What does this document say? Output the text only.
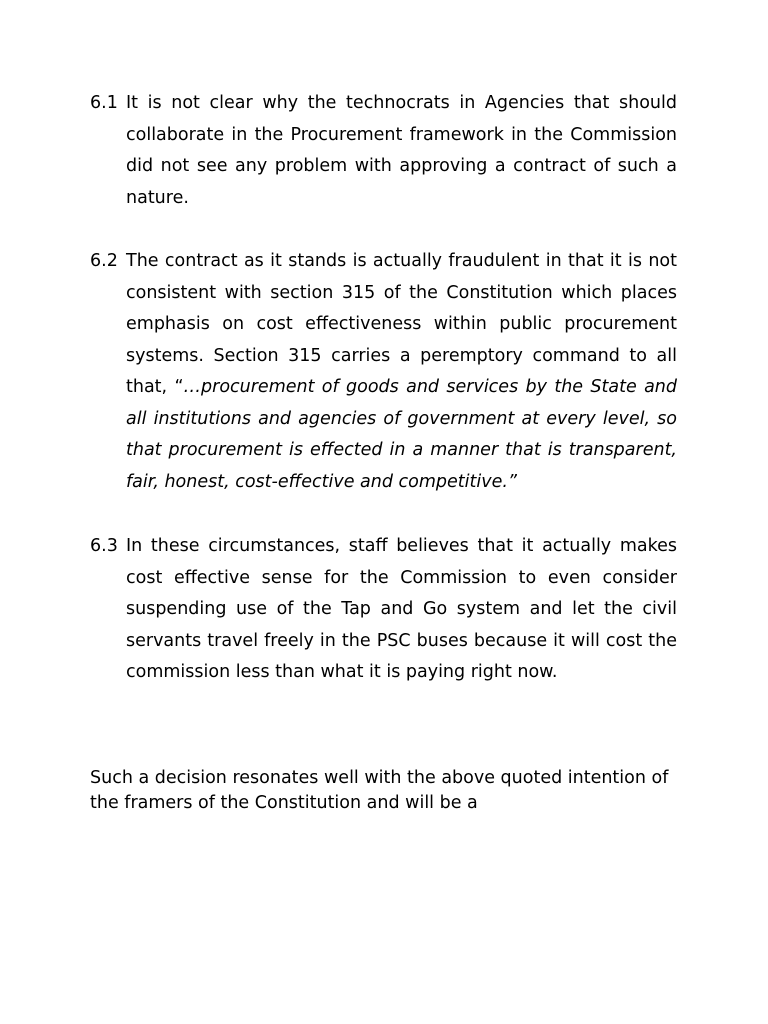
6.1 It is not clear why the technocrats in Agencies that should collaborate in the Procurement framework in the Commission did not see any problem with approving a contract of such a nature.
6.2 The contract as it stands is actually fraudulent in that it is not consistent with section 315 of the Constitution which places emphasis on cost effectiveness within public procurement systems. Section 315 carries a peremptory command to all that, “…procurement of goods and services by the State and all institutions and agencies of government at every level, so that procurement is effected in a manner that is transparent, fair, honest, cost-effective and competitive.”
6.3 In these circumstances, staff believes that it actually makes cost effective sense for the Commission to even consider suspending use of the Tap and Go system and let the civil servants travel freely in the PSC buses because it will cost the commission less than what it is paying right now.

Such a decision resonates well with the above quoted intention of the framers of the Constitution and will be a
